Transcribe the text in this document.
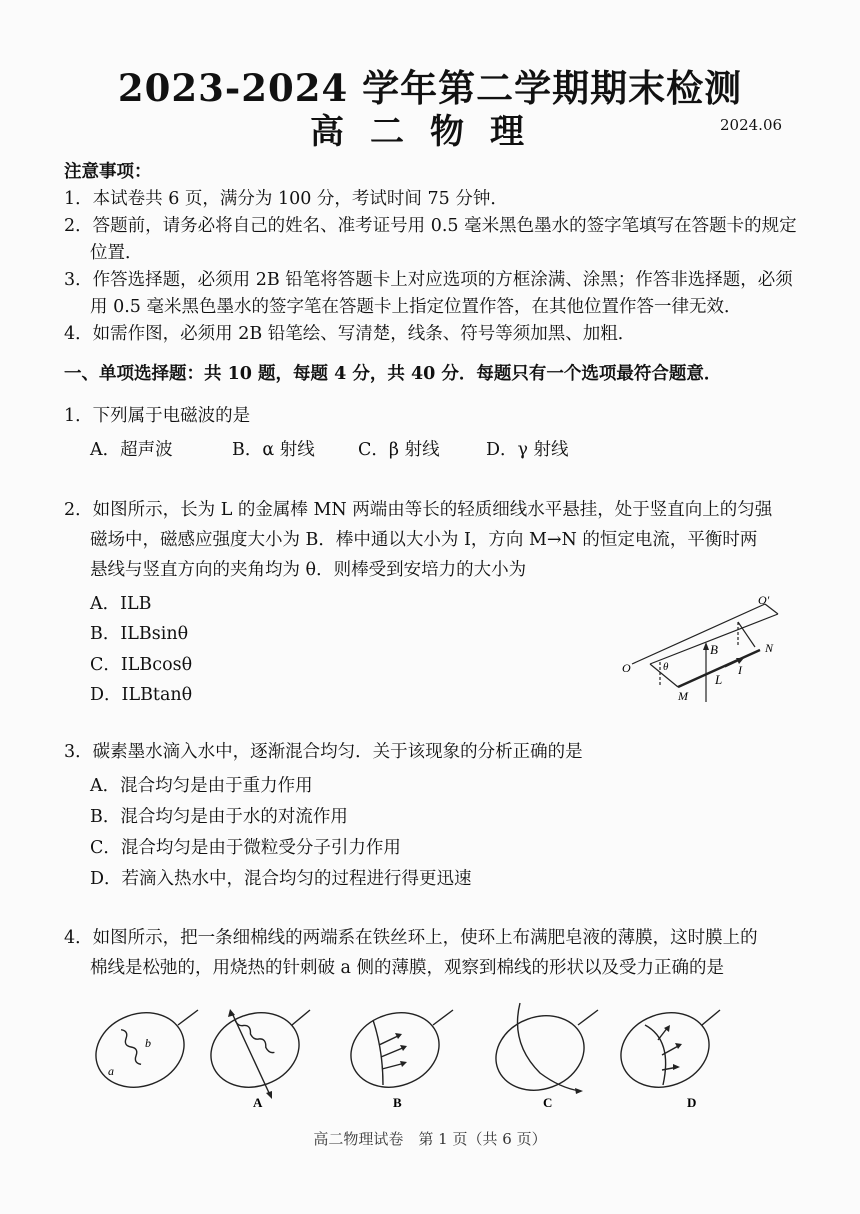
2023-2024 学年第二学期期末检测
高二物理	2024.06
注意事项：
1．本试卷共 6 页，满分为 100 分，考试时间 75 分钟．
2．答题前，请务必将自己的姓名、准考证号用 0.5 毫米黑色墨水的签字笔填写在答题卡的规定
位置．
3．作答选择题，必须用 2B 铅笔将答题卡上对应选项的方框涂满、涂黑；作答非选择题，必须
用 0.5 毫米黑色墨水的签字笔在答题卡上指定位置作答，在其他位置作答一律无效．
4．如需作图，必须用 2B 铅笔绘、写清楚，线条、符号等须加黑、加粗．
一、单项选择题：共 10 题，每题 4 分，共 40 分．每题只有一个选项最符合题意．
1．下列属于电磁波的是
A．超声波	B．α 射线 C．β 射线	D．γ 射线
2．如图所示，长为 L 的金属棒 MN 两端由等长的轻质细线水平悬挂，处于竖直向上的匀强
磁场中，磁感应强度大小为 B．棒中通以大小为 I，方向 M→N 的恒定电流，平衡时两
悬线与竖直方向的夹角均为 θ．则棒受到安培力的大小为
A．ILB
B．ILBsinθ
C．ILBcosθ
D．ILBtanθ
O
O′
θ
B	N
L
I
M
3．碳素墨水滴入水中，逐渐混合均匀．关于该现象的分析正确的是
A．混合均匀是由于重力作用
B．混合均匀是由于水的对流作用
C．混合均匀是由于微粒受分子引力作用
D．若滴入热水中，混合均匀的过程进行得更迅速
4．如图所示，把一条细棉线的两端系在铁丝环上，使环上布满肥皂液的薄膜，这时膜上的
棉线是松弛的，用烧热的针刺破 a 侧的薄膜，观察到棉线的形状以及受力正确的是
a
b
A	B	C	D
高二物理试卷　第 1 页（共 6 页）
